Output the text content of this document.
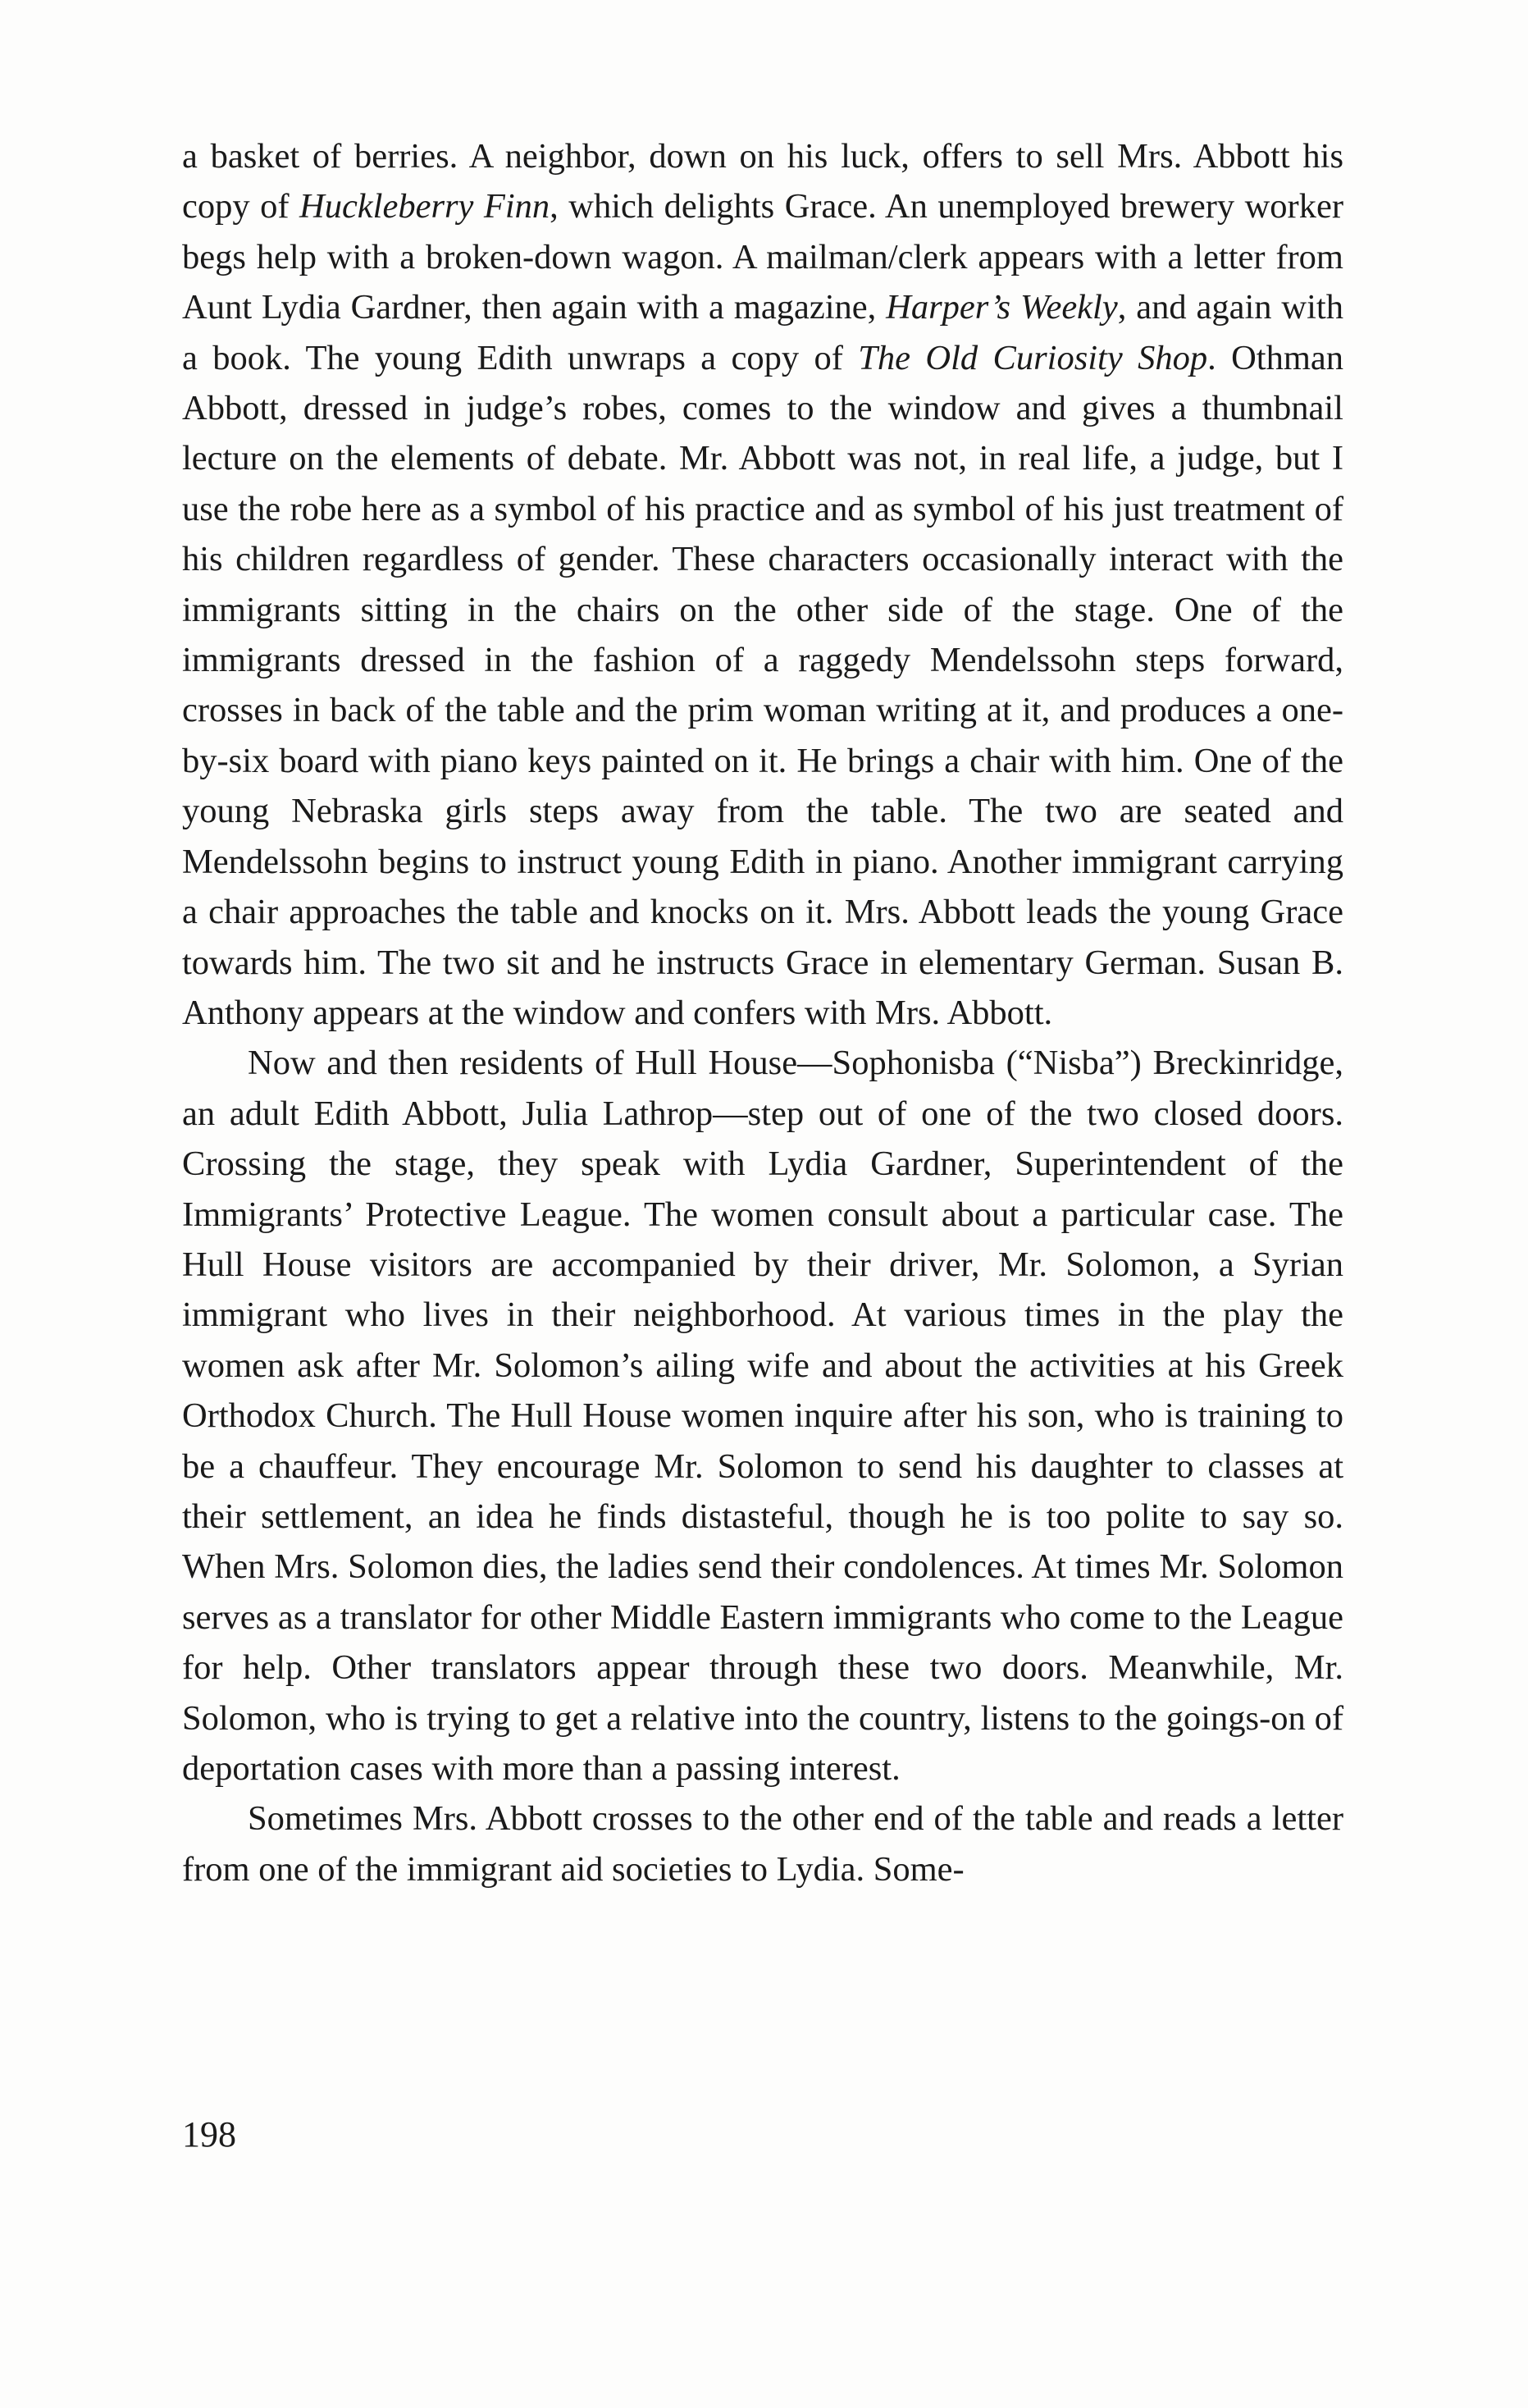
a basket of berries. A neighbor, down on his luck, offers to sell Mrs. Abbott his copy of Huckleberry Finn, which delights Grace. An unemployed brewery worker begs help with a broken-down wagon. A mailman/clerk appears with a letter from Aunt Lydia Gardner, then again with a magazine, Harper’s Weekly, and again with a book. The young Edith unwraps a copy of The Old Curiosity Shop. Othman Abbott, dressed in judge’s robes, comes to the window and gives a thumbnail lecture on the elements of debate. Mr. Abbott was not, in real life, a judge, but I use the robe here as a symbol of his practice and as symbol of his just treatment of his children regardless of gender. These characters occasionally interact with the immigrants sitting in the chairs on the other side of the stage. One of the immigrants dressed in the fashion of a raggedy Mendelssohn steps forward, crosses in back of the table and the prim woman writing at it, and produces a one-by-six board with piano keys painted on it. He brings a chair with him. One of the young Nebraska girls steps away from the table. The two are seated and Mendelssohn begins to instruct young Edith in piano. Another immigrant carrying a chair approaches the table and knocks on it. Mrs. Abbott leads the young Grace towards him. The two sit and he instructs Grace in elementary German. Susan B. Anthony appears at the window and confers with Mrs. Abbott.

Now and then residents of Hull House—Sophonisba (“Nisba”) Breckinridge, an adult Edith Abbott, Julia Lathrop—step out of one of the two closed doors. Crossing the stage, they speak with Lydia Gardner, Superintendent of the Immigrants’ Protective League. The women consult about a particular case. The Hull House visitors are accompanied by their driver, Mr. Solomon, a Syrian immigrant who lives in their neighborhood. At various times in the play the women ask after Mr. Solomon’s ailing wife and about the activities at his Greek Orthodox Church. The Hull House women inquire after his son, who is training to be a chauffeur. They encourage Mr. Solomon to send his daughter to classes at their settlement, an idea he finds distasteful, though he is too polite to say so. When Mrs. Solomon dies, the ladies send their condolences. At times Mr. Solomon serves as a translator for other Middle Eastern immigrants who come to the League for help. Other translators appear through these two doors. Meanwhile, Mr. Solomon, who is trying to get a relative into the country, listens to the goings-on of deportation cases with more than a passing interest.

Sometimes Mrs. Abbott crosses to the other end of the table and reads a letter from one of the immigrant aid societies to Lydia. Some-

198
